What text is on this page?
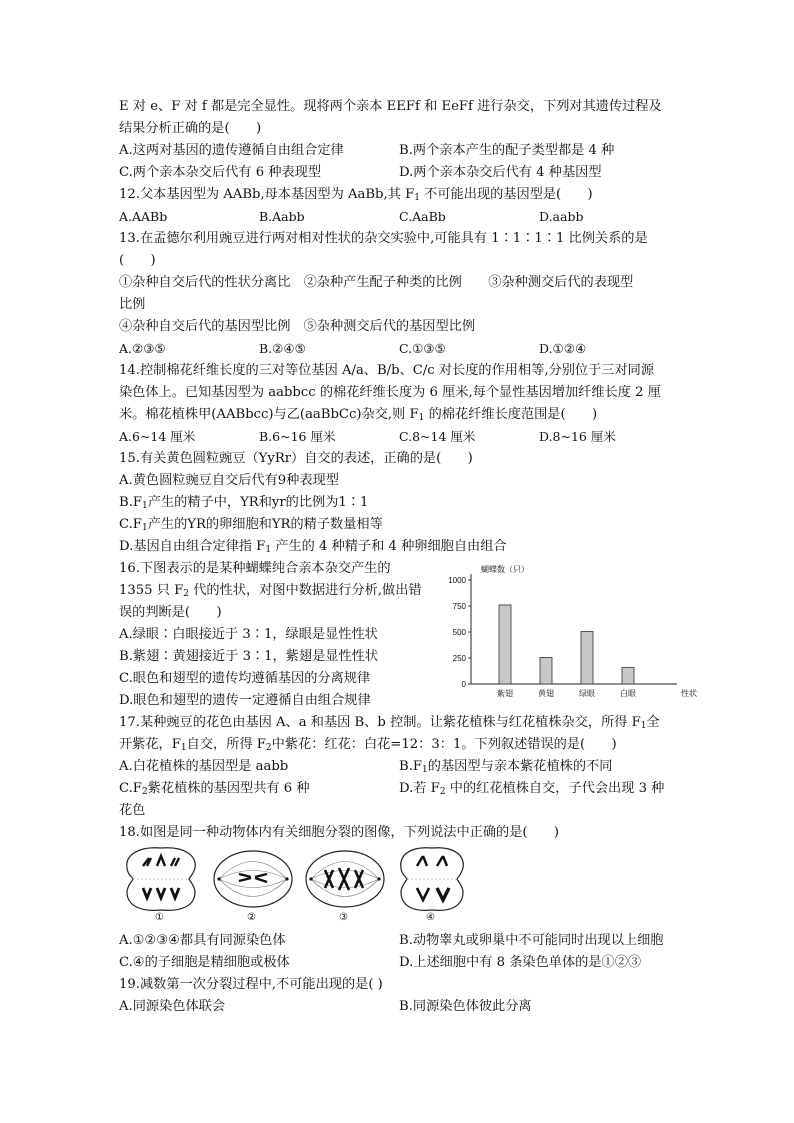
E 对 e、F 对 f 都是完全显性。现将两个亲本 EEFf 和 EeFf 进行杂交，下列对其遗传过程及
结果分析正确的是(　　)
A.这两对基因的遗传遵循自由组合定律	B.两个亲本产生的配子类型都是 4 种
C.两个亲本杂交后代有 6 种表现型	D.两个亲本杂交后代有 4 种基因型
12.父本基因型为 AABb,母本基因型为 AaBb,其 $F_1$ 不可能出现的基因型是(　　)
A.AABb	B.Aabb	C.AaBb	D.aabb
13.在孟德尔利用豌豆进行两对相对性状的杂交实验中,可能具有 1∶1∶1∶1 比例关系的是
(　　)
①杂种自交后代的性状分离比　②杂种产生配子种类的比例　　③杂种测交后代的表现型
比例
④杂种自交后代的基因型比例　⑤杂种测交后代的基因型比例
A.②③⑤	B.②④⑤	C.①③⑤	D.①②④
14.控制棉花纤维长度的三对等位基因 A/a、B/b、C/c 对长度的作用相等,分别位于三对同源
染色体上。已知基因型为 aabbcc 的棉花纤维长度为 6 厘米,每个显性基因增加纤维长度 2 厘
米。棉花植株甲(AABbcc)与乙(aaBbCc)杂交,则 $F_1$ 的棉花纤维长度范围是(　　)
A.6~14 厘米	B.6~16 厘米	C.8~14 厘米	D.8~16 厘米
15.有关黄色圆粒豌豆（YyRr）自交的表述，正确的是(　　)
A.黄色圆粒豌豆自交后代有9种表现型
$B.F_1$产生的精子中，YR和yr的比例为1∶1
$C.F_1$产生的YR的卵细胞和YR的精子数量相等
D.基因自由组合定律指 $F_1$ 产生的 4 种精子和 4 种卵细胞自由组合
16.下图表示的是某种蝴蝶纯合亲本杂交产生的
1355 只 $F_2$ 代的性状，对图中数据进行分析,做出错
误的判断是(　　)
A.绿眼∶白眼接近于 3∶1，绿眼是显性性状
B.紫翅∶黄翅接近于 3∶1，紫翅是显性性状
C.眼色和翅型的遗传均遵循基因的分离规律
D.眼色和翅型的遗传一定遵循自由组合规律
蝴蝶数（只）
0
250
500
750
1000
紫翅	黄翅	绿眼	白眼	性状
17.某种豌豆的花色由基因 A、a 和基因 B、b 控制。让紫花植株与红花植株杂交，所得 $F_1$全
开紫花，$F_1$自交，所得 $F_2$中紫花：红花：白花=12：3：1。下列叙述错误的是(　　)
A.白花植株的基因型是 aabb	$B.F_1$的基因型与亲本紫花植株的不同
$C.F_2$紫花植株的基因型共有 6 种	D.若 $F_2$ 中的红花植株自交，子代会出现 3 种
花色
18.如图是同一种动物体内有关细胞分裂的图像，下列说法中正确的是(　　)
①	②	③	④
A.①②③④都具有同源染色体	B.动物睾丸或卵巢中不可能同时出现以上细胞
C.④的子细胞是精细胞或极体	D.上述细胞中有 8 条染色单体的是①②③
19.减数第一次分裂过程中,不可能出现的是( )
A.同源染色体联会	B.同源染色体彼此分离
